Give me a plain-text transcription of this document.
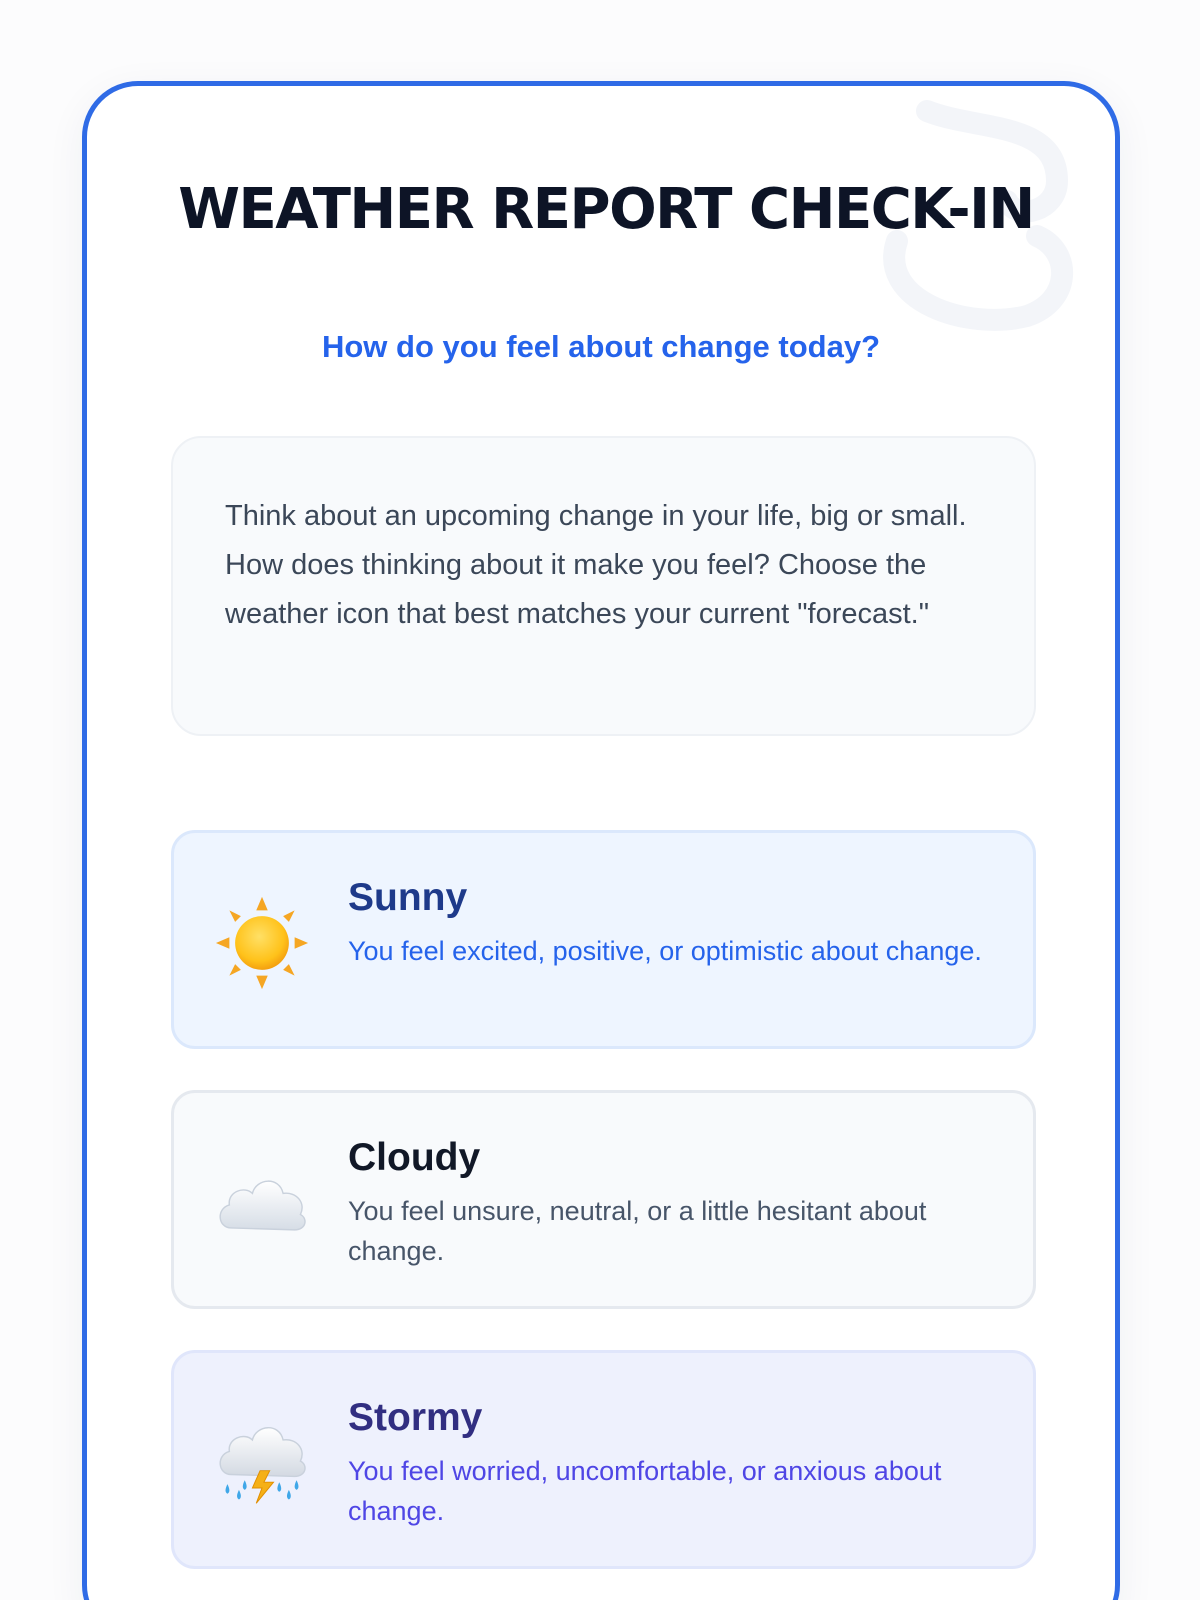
WEATHER REPORT CHECK-IN
How do you feel about change today?

Think about an upcoming change in your life, big or small. How does thinking about it make you feel? Choose the weather icon that best matches your current "forecast."

Sunny
You feel excited, positive, or optimistic about change.
Cloudy
You feel unsure, neutral, or a little hesitant about change.
Stormy
You feel worried, uncomfortable, or anxious about change.
